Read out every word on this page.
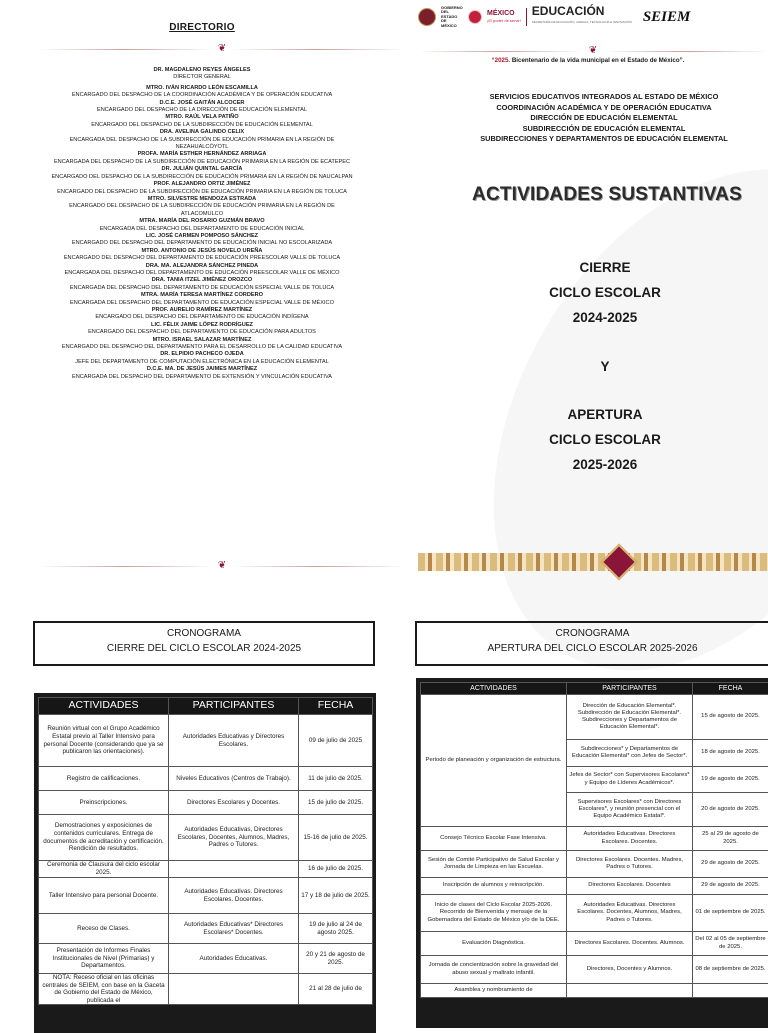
DIRECTORIO
❦
DR. MAGDALENO REYES ÁNGELES
DIRECTOR GENERAL
MTRO. IVÁN RICARDO LEÓN ESCAMILLA
ENCARGADO DEL DESPACHO DE LA COORDINACIÓN ACADÉMICA Y DE OPERACIÓN EDUCATIVA
D.C.E. JOSÉ GAITÁN ALCOCER
ENCARGADO DEL DESPACHO DE LA DIRECCIÓN DE EDUCACIÓN ELEMENTAL
MTRO. RAÚL VELA PATIÑO
ENCARGADO DEL DESPACHO DE LA SUBDIRECCIÓN DE EDUCACIÓN ELEMENTAL
DRA. AVELINA GALINDO CELIX
ENCARGADA DEL DESPACHO DE LA SUBDIRECCIÓN DE EDUCACIÓN PRIMARIA EN LA REGIÓN DE NEZAHUALCÓYOTL
PROFA. MARÍA ESTHER HERNÁNDEZ ARRIAGA
ENCARGADA DEL DESPACHO DE LA SUBDIRECCIÓN DE EDUCACIÓN PRIMARIA EN LA REGIÓN DE ECATEPEC
DR. JULIÁN QUINTAL GARCÍA
ENCARGADO DEL DESPACHO DE LA SUBDIRECCIÓN DE EDUCACIÓN PRIMARIA EN LA REGIÓN DE NAUCALPAN
PROF. ALEJANDRO ORTIZ JIMÉNEZ
ENCARGADO DEL DESPACHO DE LA SUBDIRECCIÓN DE EDUCACIÓN PRIMARIA EN LA REGIÓN DE TOLUCA
MTRO. SILVESTRE MENDOZA ESTRADA
ENCARGADO DEL DESPACHO DE LA SUBDIRECCIÓN DE EDUCACIÓN PRIMARIA EN LA REGIÓN DE ATLACOMULCO
MTRA. MARÍA DEL ROSARIO GUZMÁN BRAVO
ENCARGADA DEL DESPACHO DEL DEPARTAMENTO DE EDUCACIÓN INICIAL
LIC. JOSÉ CARMEN POMPOSO SÁNCHEZ
ENCARGADO DEL DESPACHO DEL DEPARTAMENTO DE EDUCACIÓN INICIAL NO ESCOLARIZADA
MTRO. ANTONIO DE JESÚS NOVELO UREÑA
ENCARGADO DEL DESPACHO DEL DEPARTAMENTO DE EDUCACIÓN PREESCOLAR VALLE DE TOLUCA
DRA. MA. ALEJANDRA SÁNCHEZ PINEDA
ENCARGADA DEL DESPACHO DEL DEPARTAMENTO DE EDUCACIÓN PREESCOLAR VALLE DE MÉXICO
DRA. TANIA ITZEL JIMÉNEZ OROZCO
ENCARGADA DEL DESPACHO DEL DEPARTAMENTO DE EDUCACIÓN ESPECIAL VALLE DE TOLUCA
MTRA. MARÍA TERESA MARTÍNEZ CORDERO
ENCARGADA DEL DESPACHO DEL DEPARTAMENTO DE EDUCACIÓN ESPECIAL VALLE DE MÉXICO
PROF. AURELIO RAMÍREZ MARTÍNEZ
ENCARGADO DEL DESPACHO DEL DEPARTAMENTO DE EDUCACIÓN INDÍGENA
LIC. FÉLIX JAIME LÓPEZ RODRÍGUEZ
ENCARGADO DEL DESPACHO DEL DEPARTAMENTO DE EDUCACIÓN PARA ADULTOS
MTRO. ISRAEL SALAZAR MARTÍNEZ
ENCARGADO DEL DESPACHO DEL DEPARTAMENTO PARA EL DESARROLLO DE LA CALIDAD EDUCATIVA
DR. ELPIDIO PACHECO OJEDA
JEFE DEL DEPARTAMENTO DE COMPUTACIÓN ELECTRÓNICA EN LA EDUCACIÓN ELEMENTAL
D.C.E. MA. DE JESÚS JAIMES MARTÍNEZ
ENCARGADA DEL DESPACHO DEL DEPARTAMENTO DE EXTENSIÓN Y VINCULACIÓN EDUCATIVA
❦
GOBIERNO DEL ESTADO DE MÉXICO
MÉXICO
¡El poder de servir!
EDUCACIÓN
SECRETARÍA DE EDUCACIÓN, CIENCIA, TECNOLOGÍA E INNOVACIÓN SEIEM
❦
“2025. Bicentenario de la vida municipal en el Estado de México”.
SERVICIOS EDUCATIVOS INTEGRADOS AL ESTADO DE MÉXICO
COORDINACIÓN ACADÉMICA Y DE OPERACIÓN EDUCATIVA
DIRECCIÓN DE EDUCACIÓN ELEMENTAL
SUBDIRECCIÓN DE EDUCACIÓN ELEMENTAL
SUBDIRECCIONES Y DEPARTAMENTOS DE EDUCACIÓN ELEMENTAL
ACTIVIDADES SUSTANTIVAS
CIERRE
CICLO ESCOLAR
2024-2025
Y
APERTURA
CICLO ESCOLAR
2025-2026
CRONOGRAMA
CIERRE DEL CICLO ESCOLAR 2024-2025
ACTIVIDADES	PARTICIPANTES	FECHA
Reunión virtual con el Grupo Académico Estatal previo al Taller Intensivo para personal Docente (considerando que ya se publicaron las orientaciones).	Autoridades Educativas y Directores Escolares.	09 de julio de 2025
Registro de calificaciones.	Niveles Educativos (Centros de Trabajo).	11 de julio de 2025.
Preinscripciones.	Directores Escolares y Docentes.	15 de julio de 2025.
Demostraciones y exposiciones de contenidos curriculares. Entrega de documentos de acreditación y certificación. Rendición de resultados.	Autoridades Educativas, Directores Escolares, Docentes, Alumnos, Madres, Padres o Tutores.	15-16 de julio de 2025.
Ceremonia de Clausura del ciclo escolar 2025.		16 de julio de 2025.
Taller Intensivo para personal Docente.	Autoridades Educativas. Directores Escolares. Docentes.	17 y 18 de julio de 2025.
Receso de Clases.	Autoridades Educativas* Directores Escolares* Docentes.	19 de julio al 24 de agosto 2025.
Presentación de Informes Finales Institucionales de Nivel (Primarias) y Departamentos.	Autoridades Educativas.	20 y 21 de agosto de 2025.
NOTA: Receso oficial en las oficinas centrales de SEIEM, con base en la Gaceta de Gobierno del Estado de México, publicada el		21 al 28 de julio de
CRONOGRAMA
APERTURA DEL CICLO ESCOLAR 2025-2026
ACTIVIDADES	PARTICIPANTES	FECHA
Periodo de planeación y organización de estructura.	Dirección de Educación Elemental*. Subdirección de Educación Elemental*. Subdirecciones y Departamentos de Educación Elemental*.	15 de agosto de 2025.
	Subdirecciones* y Departamentos de Educación Elemental* con Jefes de Sector*.	18 de agosto de 2025.
	Jefes de Sector* con Supervisores Escolares* y Equipo de Líderes Académicos*.	19 de agosto de 2025.
	Supervisores Escolares* con Directores Escolares*, y reunión presencial con el Equipo Académico Estatal*.	20 de agosto de 2025.
Consejo Técnico Escolar Fase Intensiva.	Autoridades Educativas. Directores Escolares. Docentes.	25 al 29 de agosto de 2025.
Sesión de Comité Participativo de Salud Escolar y Jornada de Limpieza en las Escuelas.	Directores Escolares. Docentes. Madres, Padres o Tutores.	29 de agosto de 2025.
Inscripción de alumnos y reinscripción.	Directores Escolares. Docentes	29 de agosto de 2025.
Inicio de clases del Ciclo Escolar 2025-2026. Recorrido de Bienvenida y mensaje de la Gobernadora del Estado de México y/o de la DEE.	Autoridades Educativas. Directores Escolares. Docentes, Alumnos, Madres, Padres o Tutores.	01 de septiembre de 2025.
Evaluación Diagnóstica.	Directores Escolares. Docentes. Alumnos.	Del 02 al 05 de septiembre de 2025.
Jornada de concientización sobre la gravedad del abuso sexual y maltrato infantil.	Directores, Docentes y Alumnos.	08 de septiembre de 2025.
Asamblea y nombramiento de		
